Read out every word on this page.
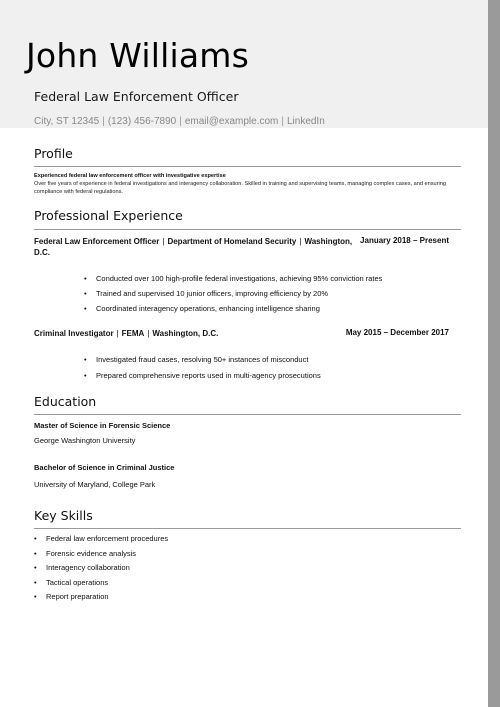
John Williams
Federal Law Enforcement Officer
City, ST 12345 | (123) 456-7890 | email@example.com | LinkedIn
Profile
Experienced federal law enforcement officer with investigative expertise
Over five years of experience in federal investigations and interagency collaboration. Skilled in training and supervising teams, managing complex cases, and ensuring compliance with federal regulations.
Professional Experience
Federal Law Enforcement Officer | Department of Homeland Security | Washington, D.C.
January 2018 – Present
• Conducted over 100 high-profile federal investigations, achieving 95% conviction rates
• Trained and supervised 10 junior officers, improving efficiency by 20%
• Coordinated interagency operations, enhancing intelligence sharing
Criminal Investigator | FEMA | Washington, D.C.	May 2015 – December 2017
• Investigated fraud cases, resolving 50+ instances of misconduct
• Prepared comprehensive reports used in multi-agency prosecutions
Education
Master of Science in Forensic Science
George Washington University
Bachelor of Science in Criminal Justice
University of Maryland, College Park
Key Skills
• Federal law enforcement procedures
• Forensic evidence analysis
• Interagency collaboration
• Tactical operations
• Report preparation
